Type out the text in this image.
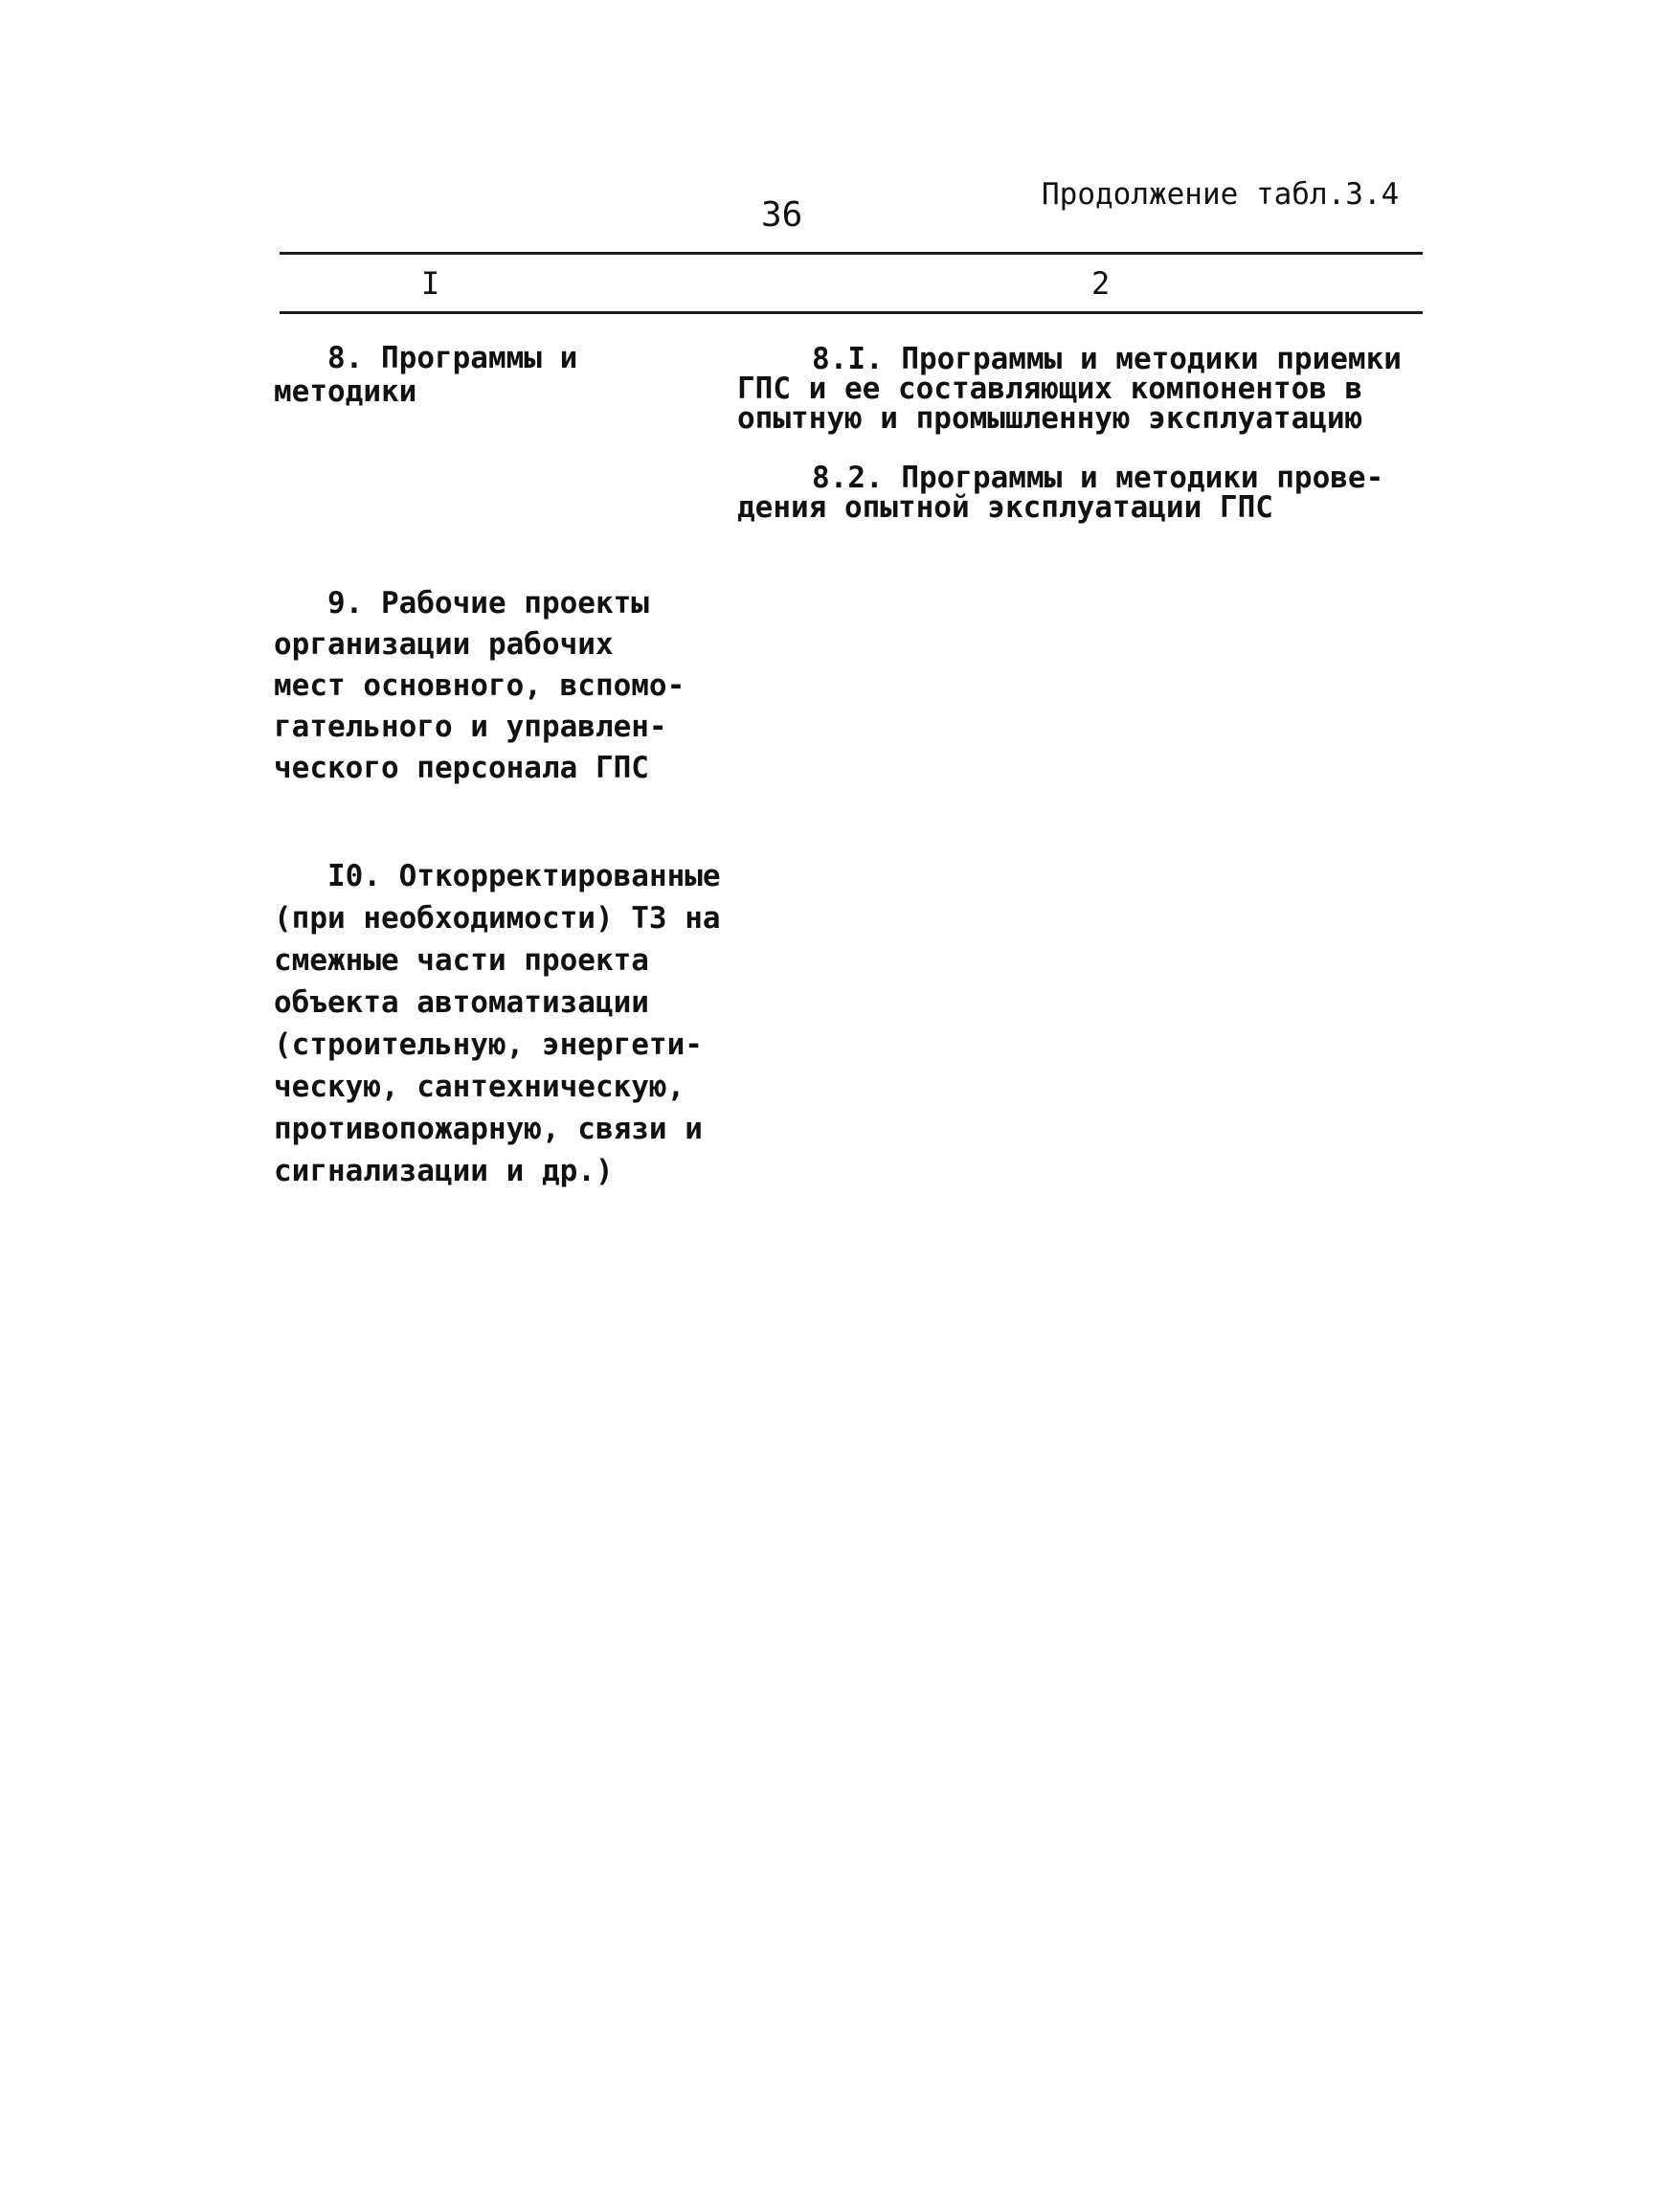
36
Продолжение табл.3.4
I	2
8. Программы и
методики
8.I. Программы и методики приемки
ГПС и ее составляющих компонентов в
опытную и промышленную эксплуатацию
8.2. Программы и методики прове-
дения опытной эксплуатации ГПС
9. Рабочие проекты
организации рабочих
мест основного, вспомо-
гательного и управлен-
ческого персонала ГПС
I0. Откорректированные
(при необходимости) ТЗ на
смежные части проекта
объекта автоматизации
(строительную, энергети-
ческую, сантехническую,
противопожарную, связи и
сигнализации и др.)
